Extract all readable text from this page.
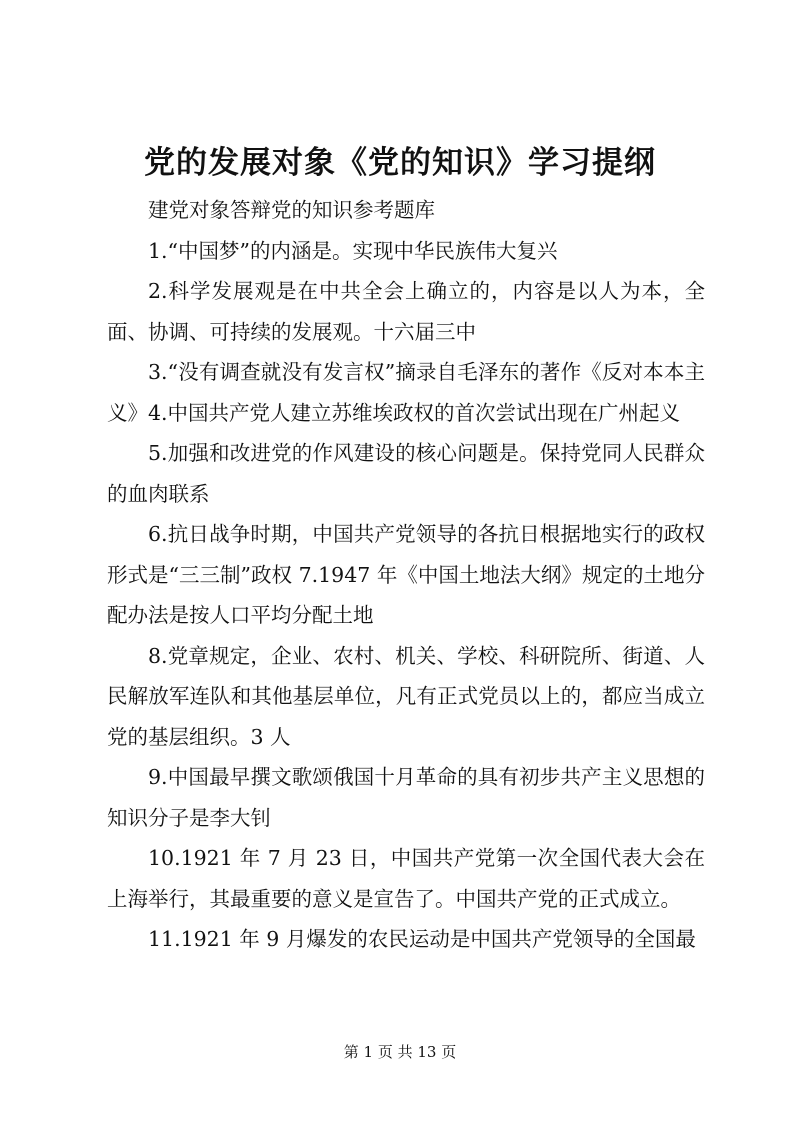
党的发展对象《党的知识》学习提纲

建党对象答辩党的知识参考题库

1.“中国梦”的内涵是。实现中华民族伟大复兴

2.科学发展观是在中共全会上确立的，内容是以人为本，全面、协调、可持续的发展观。十六届三中

3.“没有调查就没有发言权”摘录自毛泽东的著作《反对本本主义》4.中国共产党人建立苏维埃政权的首次尝试出现在广州起义

5.加强和改进党的作风建设的核心问题是。保持党同人民群众的血肉联系

6.抗日战争时期，中国共产党领导的各抗日根据地实行的政权形式是“三三制”政权 7.1947 年《中国土地法大纲》规定的土地分配办法是按人口平均分配土地

8.党章规定，企业、农村、机关、学校、科研院所、街道、人民解放军连队和其他基层单位，凡有正式党员以上的，都应当成立党的基层组织。3 人

9.中国最早撰文歌颂俄国十月革命的具有初步共产主义思想的知识分子是李大钊

10.1921 年 7 月 23 日，中国共产党第一次全国代表大会在上海举行，其最重要的意义是宣告了。中国共产党的正式成立。

11.1921 年 9 月爆发的农民运动是中国共产党领导的全国最

第 1 页 共 13 页
